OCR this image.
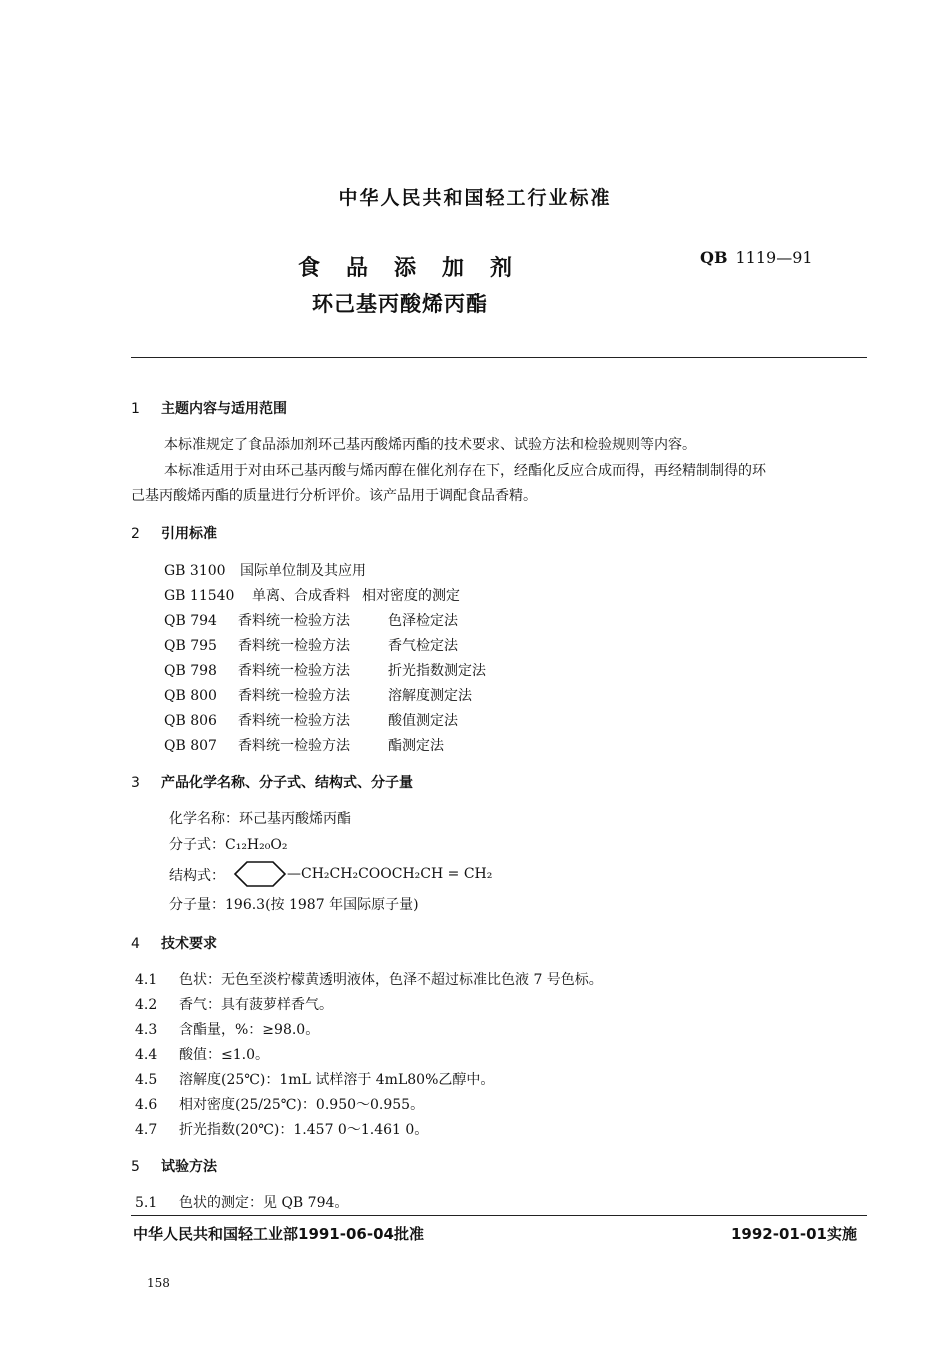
中华人民共和国轻工行业标准
食品添加剂
环己基丙酸烯丙酯
QB 1119—91
1 主题内容与适用范围
本标准规定了食品添加剂环己基丙酸烯丙酯的技术要求、试验方法和检验规则等内容。
本标准适用于对由环己基丙酸与烯丙醇在催化剂存在下，经酯化反应合成而得，再经精制制得的环
己基丙酸烯丙酯的质量进行分析评价。该产品用于调配食品香精。
2 引用标准
GB 3100 国际单位制及其应用
GB 11540 单离、合成香料 相对密度的测定
QB 794 香料统一检验方法	色泽检定法
QB 795 香料统一检验方法	香气检定法
QB 798 香料统一检验方法	折光指数测定法
QB 800 香料统一检验方法	溶解度测定法
QB 806 香料统一检验方法	酸值测定法
QB 807 香料统一检验方法	酯测定法
3 产品化学名称、分子式、结构式、分子量
化学名称：环己基丙酸烯丙酯
分子式：C₁₂H₂₀O₂
结构式：	—CH₂CH₂COOCH₂CH = CH₂
分子量：196.3(按 1987 年国际原子量)
4 技术要求
4.1 色状：无色至淡柠檬黄透明液体，色泽不超过标准比色液 7 号色标。
4.2 香气：具有菠萝样香气。
4.3 含酯量，%：≥98.0。
4.4 酸值：≤1.0。
4.5 溶解度(25℃)：1mL 试样溶于 4mL80%乙醇中。
4.6 相对密度(25/25℃)：0.950～0.955。
4.7 折光指数(20℃)：1.457 0～1.461 0。
5 试验方法
5.1 色状的测定：见 QB 794。
中华人民共和国轻工业部1991-06-04批准	1992-01-01实施
158
